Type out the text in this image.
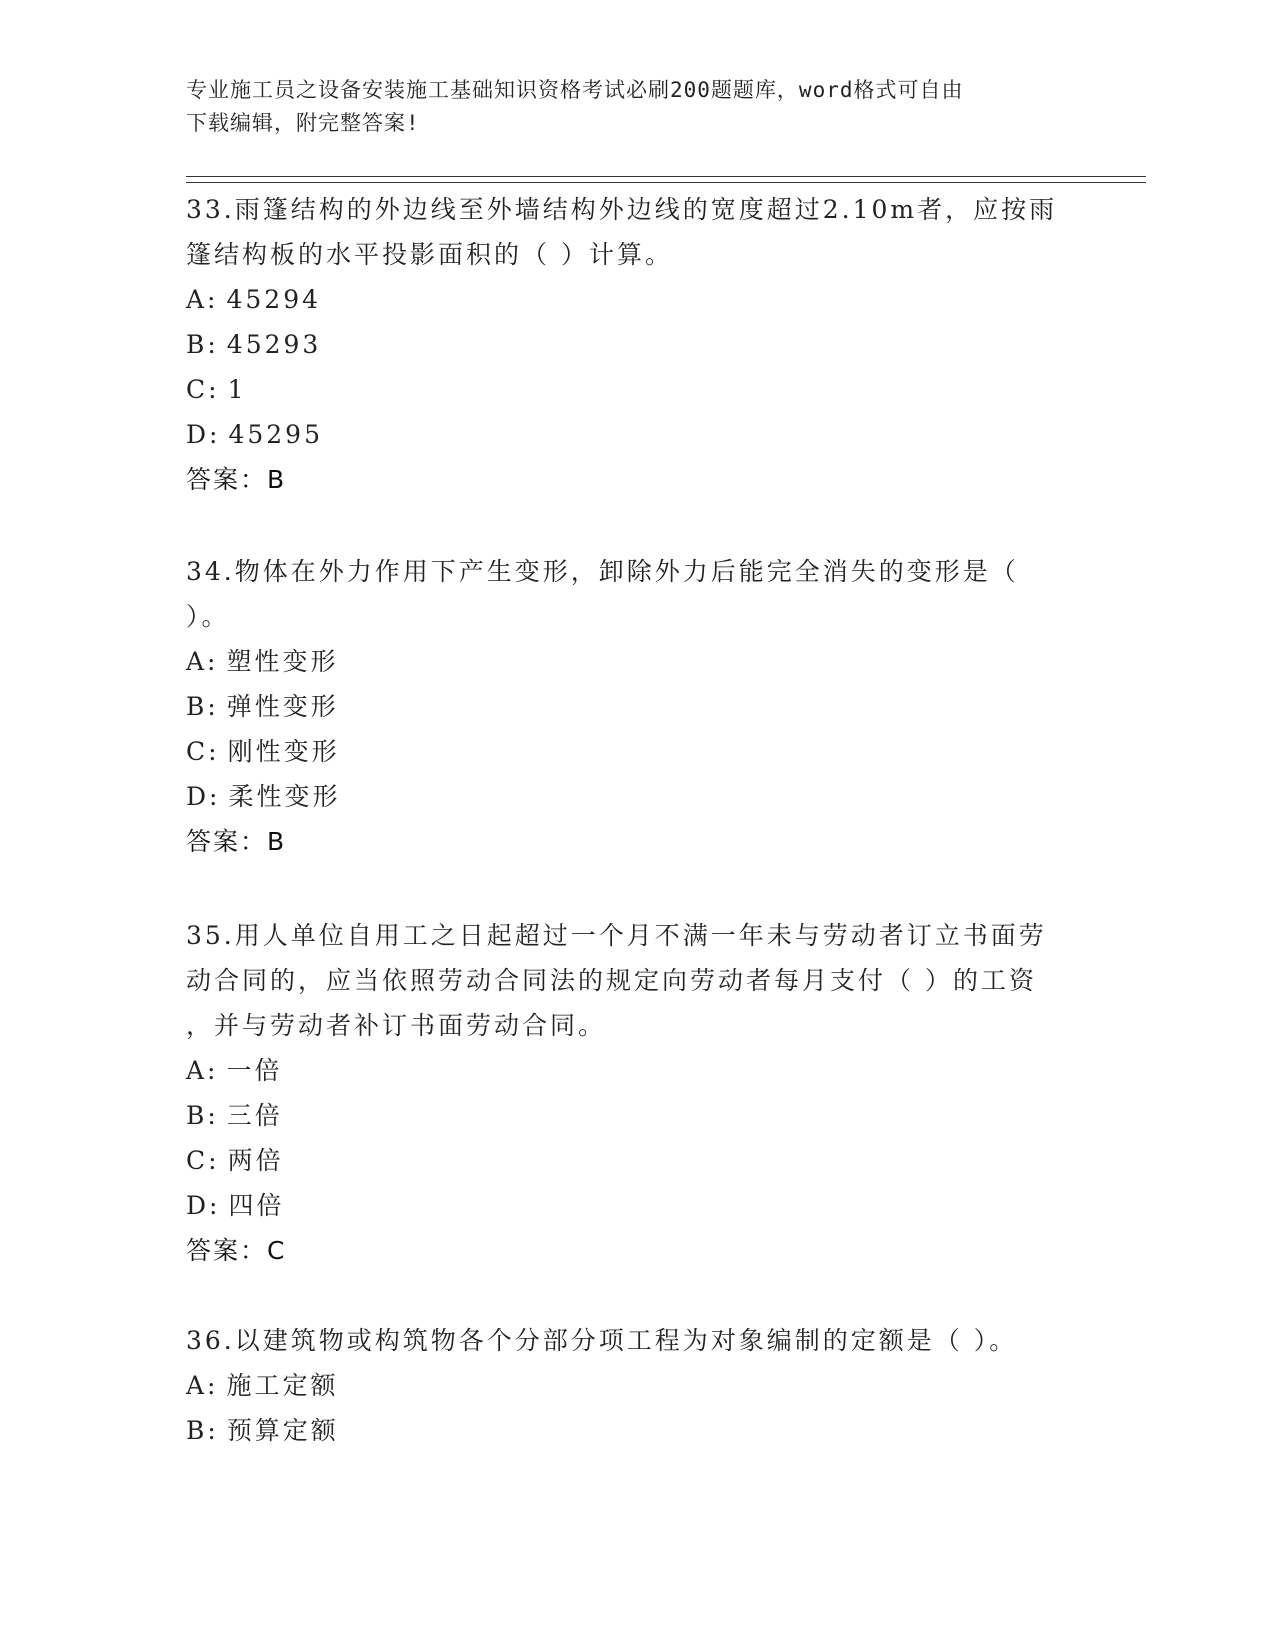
专业施工员之设备安装施工基础知识资格考试必刷200题题库，word格式可自由
下载编辑，附完整答案!
33.雨篷结构的外边线至外墙结构外边线的宽度超过2.10m者，应按雨
篷结构板的水平投影面积的（ ）计算。
A: 45294
B: 45293
C: 1
D: 45295
答案：B
34.物体在外力作用下产生变形，卸除外力后能完全消失的变形是（
）。
A: 塑性变形
B: 弹性变形
C: 刚性变形
D: 柔性变形
答案：B
35.用人单位自用工之日起超过一个月不满一年未与劳动者订立书面劳
动合同的，应当依照劳动合同法的规定向劳动者每月支付（ ）的工资
，并与劳动者补订书面劳动合同。
A: 一倍
B: 三倍
C: 两倍
D: 四倍
答案：C
36.以建筑物或构筑物各个分部分项工程为对象编制的定额是（ ）。
A: 施工定额
B: 预算定额
